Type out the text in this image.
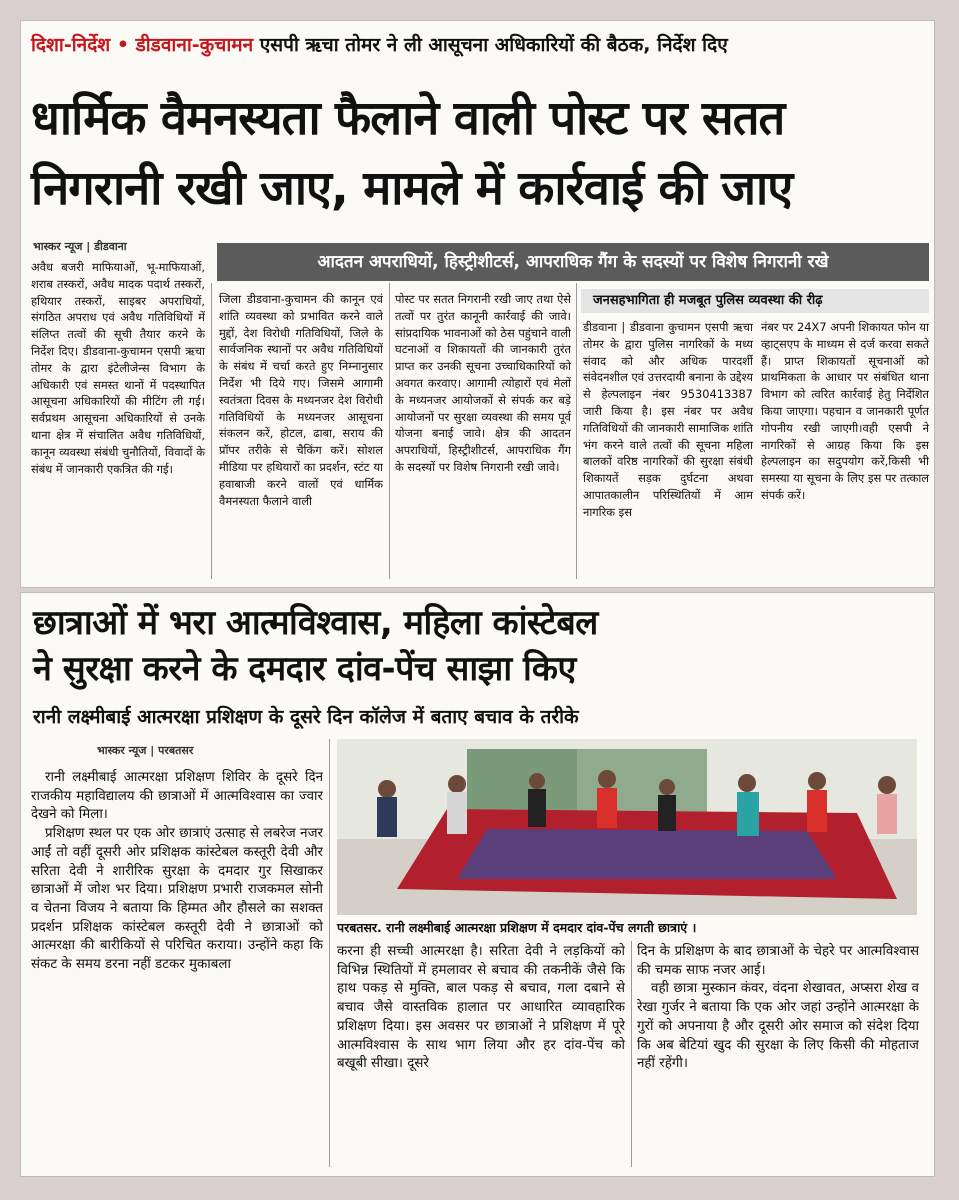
दिशा-निर्देश • डीडवाना-कुचामन एसपी ऋचा तोमर ने ली आसूचना अधिकारियों की बैठक, निर्देश दिए
धार्मिक वैमनस्यता फैलाने वाली पोस्ट पर सतत
निगरानी रखी जाए, मामले में कार्रवाई की जाए
भास्कर न्यूज | डीडवाना
आदतन अपराधियों, हिस्ट्रीशीटर्स, आपराधिक गैंग के सदस्यों पर विशेष निगरानी रखे
अवैध बजरी माफियाओं, भू-माफियाओं, शराब तस्करों, अवैध मादक पदार्थ तस्करों, हथियार तस्करों, साइबर अपराधियों, संगठित अपराध एवं अवैध गतिविधियों में संलिप्त तत्वों की सूची तैयार करने के निर्देश दिए। डीडवाना-कुचामन एसपी ऋचा तोमर के द्वारा इंटेलीजेन्स विभाग के अधिकारी एवं समस्त थानों में पदस्थापित आसूचना अधिकारियों की मीटिंग ली गई। सर्वप्रथम आसूचना अधिकारियों से उनके थाना क्षेत्र में संचालित अवैध गतिविधियों, कानून व्यवस्था संबंधी चुनौतियों, विवादों के संबंध में जानकारी एकत्रित की गई।
जिला डीडवाना-कुचामन की कानून एवं शांति व्यवस्था को प्रभावित करने वाले मुद्दों, देश विरोधी गतिविधियों, जिले के सार्वजनिक स्थानों पर अवैध गतिविधियों के संबंध में चर्चा करते हुए निम्नानुसार निर्देश भी दिये गए। जिसमे आगामी स्वतंत्रता दिवस के मध्यनजर देश विरोधी गतिविधियों के मध्यनजर आसूचना संकलन करें, होटल, ढाबा, सराय की प्रॉपर तरीके से चैकिंग करें। सोशल मीडिया पर हथियारों का प्रदर्शन, स्टंट या हवाबाजी करने वालों एवं धार्मिक वैमनस्यता फैलाने वाली
पोस्ट पर सतत निगरानी रखी जाए तथा ऐसे तत्वों पर तुरंत कानूनी कार्रवाई की जावे। सांप्रदायिक भावनाओं को ठेस पहुंचाने वाली घटनाओं व शिकायतों की जानकारी तुरंत प्राप्त कर उनकी सूचना उच्चाधिकारियों को अवगत करवाए। आगामी त्योहारों एवं मेलों के मध्यनजर आयोजकों से संपर्क कर बड़े आयोजनों पर सुरक्षा व्यवस्था की समय पूर्व योजना बनाई जावे। क्षेत्र की आदतन अपराधियों, हिस्ट्रीशीटर्स, आपराधिक गैंग के सदस्यों पर विशेष निगरानी रखी जावे।
जनसहभागिता ही मजबूत पुलिस व्यवस्था की रीढ़
डीडवाना | डीडवाना कुचामन एसपी ऋचा तोमर के द्वारा पुलिस नागरिकों के मध्य संवाद को और अधिक पारदर्शी संवेदनशील एवं उत्तरदायी बनाना के उद्देश्य से हेल्पलाइन नंबर 9530413387 जारी किया है। इस नंबर पर अवैध गतिविधियों की जानकारी सामाजिक शांति भंग करने वाले तत्वों की सूचना महिला बालकों वरिष्ठ नागरिकों की सुरक्षा संबंधी शिकायतें सड़क दुर्घटना अथवा आपातकालीन परिस्थितियों में आम नागरिक इस
नंबर पर 24X7 अपनी शिकायत फोन या व्हाट्सएप के माध्यम से दर्ज करवा सकते हैं। प्राप्त शिकायतों सूचनाओं को प्राथमिकता के आधार पर संबंधित थाना विभाग को त्वरित कार्रवाई हेतु निर्देशित किया जाएगा। पहचान व जानकारी पूर्णत गोपनीय रखी जाएगी।वही एसपी ने नागरिकों से आग्रह किया कि इस हेल्पलाइन का सदुपयोग करें,किसी भी समस्या या सूचना के लिए इस पर तत्काल संपर्क करें।
छात्राओं में भरा आत्मविश्वास, महिला कांस्टेबल
ने सुरक्षा करने के दमदार दांव-पेंच साझा किए
रानी लक्ष्मीबाई आत्मरक्षा प्रशिक्षण के दूसरे दिन कॉलेज में बताए बचाव के तरीके
भास्कर न्यूज | परबतसर

रानी लक्ष्मीबाई आत्मरक्षा प्रशिक्षण शिविर के दूसरे दिन राजकीय महाविद्यालय की छात्राओं में आत्मविश्वास का ज्वार देखने को मिला।

प्रशिक्षण स्थल पर एक ओर छात्राएं उत्साह से लबरेज नजर आईं तो वहीं दूसरी ओर प्रशिक्षक कांस्टेबल कस्तूरी देवी और सरिता देवी ने शारीरिक सुरक्षा के दमदार गुर सिखाकर छात्राओं में जोश भर दिया। प्रशिक्षण प्रभारी राजकमल सोनी व चेतना विजय ने बताया कि हिम्मत और हौसले का सशक्त प्रदर्शन प्रशिक्षक कांस्टेबल कस्तूरी देवी ने छात्राओं को आत्मरक्षा की बारीकियों से परिचित कराया। उन्होंने कहा कि संकट के समय डरना नहीं डटकर मुकाबला

परबतसर. रानी लक्ष्मीबाई आत्मरक्षा प्रशिक्षण में दमदार दांव-पेंच लगती छात्राएं ।
करना ही सच्ची आत्मरक्षा है। सरिता देवी ने लड़कियों को विभिन्न स्थितियों में हमलावर से बचाव की तकनीकें जैसे कि हाथ पकड़ से मुक्ति, बाल पकड़ से बचाव, गला दबाने से बचाव जैसे वास्तविक हालात पर आधारित व्यावहारिक प्रशिक्षण दिया। इस अवसर पर छात्राओं ने प्रशिक्षण में पूरे आत्मविश्वास के साथ भाग लिया और हर दांव-पेंच को बखूबी सीखा। दूसरे

दिन के प्रशिक्षण के बाद छात्राओं के चेहरे पर आत्मविश्वास की चमक साफ नजर आई।

वही छात्रा मुस्कान कंवर, वंदना शेखावत, अप्सरा शेख व रेखा गुर्जर ने बताया कि एक ओर जहां उन्होंने आत्मरक्षा के गुरों को अपनाया है और दूसरी ओर समाज को संदेश दिया कि अब बेटियां खुद की सुरक्षा के लिए किसी की मोहताज नहीं रहेंगी।
